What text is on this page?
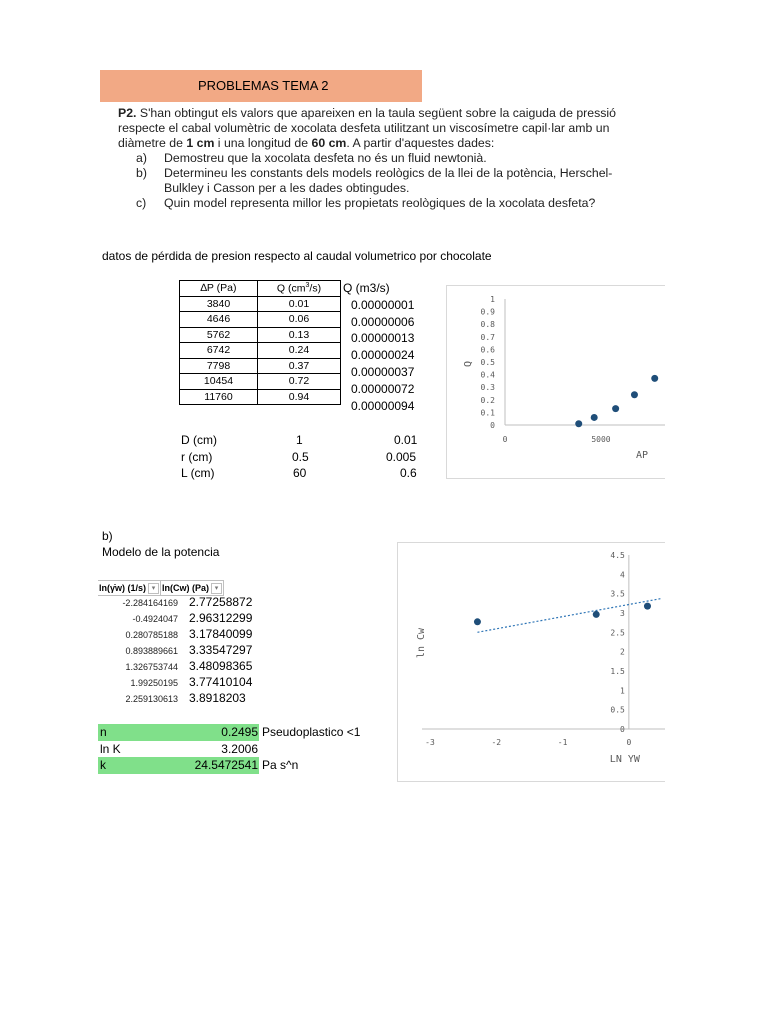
PROBLEMAS TEMA 2

P2. S'han obtingut els valors que apareixen en la taula següent sobre la caiguda de pressió

respecte el cabal volumètric de xocolata desfeta utilitzant un viscosímetre capil·lar amb un

diàmetre de 1 cm i una longitud de 60 cm. A partir d'aquestes dades:

a)	Demostreu que la xocolata desfeta no és un fluid newtonià.
b)	Determineu les constants dels models reològics de la llei de la potència, Herschel-
Bulkley i Casson per a les dades obtingudes.
c)	Quin model representa millor les propietats reològiques de la xocolata desfeta?
datos de pérdida de presion respecto al caudal volumetrico por chocolate
∆P (Pa)	Q $(cm^3/s)$
3840	0.01
4646	0.06
5762	0.13
6742	0.24
7798	0.37
10454	0.72
11760	0.94
Q (m3/s)
0.00000001
0.00000006
0.00000013
0.00000024
0.00000037
0.00000072
0.00000094
D (cm)	1	0.01
r (cm)	0.5	0.005
L (cm)	60	0.6
0
0.1
0.2
0.3
0.4
0.5
0.6
0.7
0.8
0.9
1
0	5000
AP
Q
b)
Modelo de la potencia
ln(γ̇w) (1/s) ▾ ln(Cw) (Pa) ▾
-2.284164169 2.77258872
-0.4924047 2.96312299
0.280785188 3.17840099
0.893889661 3.33547297
1.326753744 3.48098365
1.99250195 3.77410104
2.259130613 3.8918203
n	0.2495 Pseudoplastico <1
ln K	3.2006
k	24.5472541 Pa s^n
0
0.5
1
1.5
2
2.5
3
3.5
4
4.5
-3	-2	-1	0
LN YW
ln Cw
